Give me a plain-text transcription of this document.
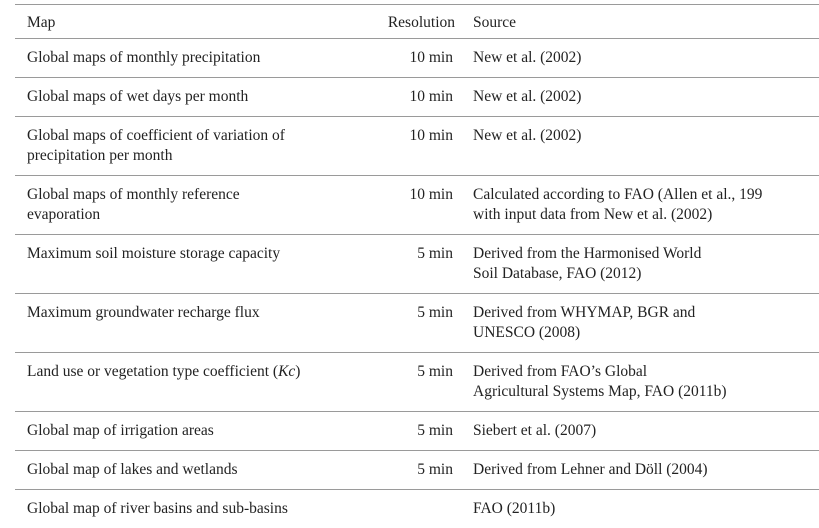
Map	Resolution	Source

Global maps of monthly precipitation	10 min	New et al. (2002)

Global maps of wet days per month	10 min	New et al. (2002)

Global maps of coefficient of variation of
precipitation per month	10 min	New et al. (2002)

Global maps of monthly reference
evaporation	10 min	Calculated according to FAO (Allen et al., 199
with input data from New et al. (2002)

Maximum soil moisture storage capacity	5 min	Derived from the Harmonised World
Soil Database, FAO (2012)

Maximum groundwater recharge flux	5 min	Derived from WHYMAP, BGR and
UNESCO (2008)

Land use or vegetation type coefficient (Kc)	5 min	Derived from FAO’s Global
Agricultural Systems Map, FAO (2011b)

Global map of irrigation areas	5 min	Siebert et al. (2007)

Global map of lakes and wetlands	5 min	Derived from Lehner and Döll (2004)

Global map of river basins and sub-basins		FAO (2011b)
